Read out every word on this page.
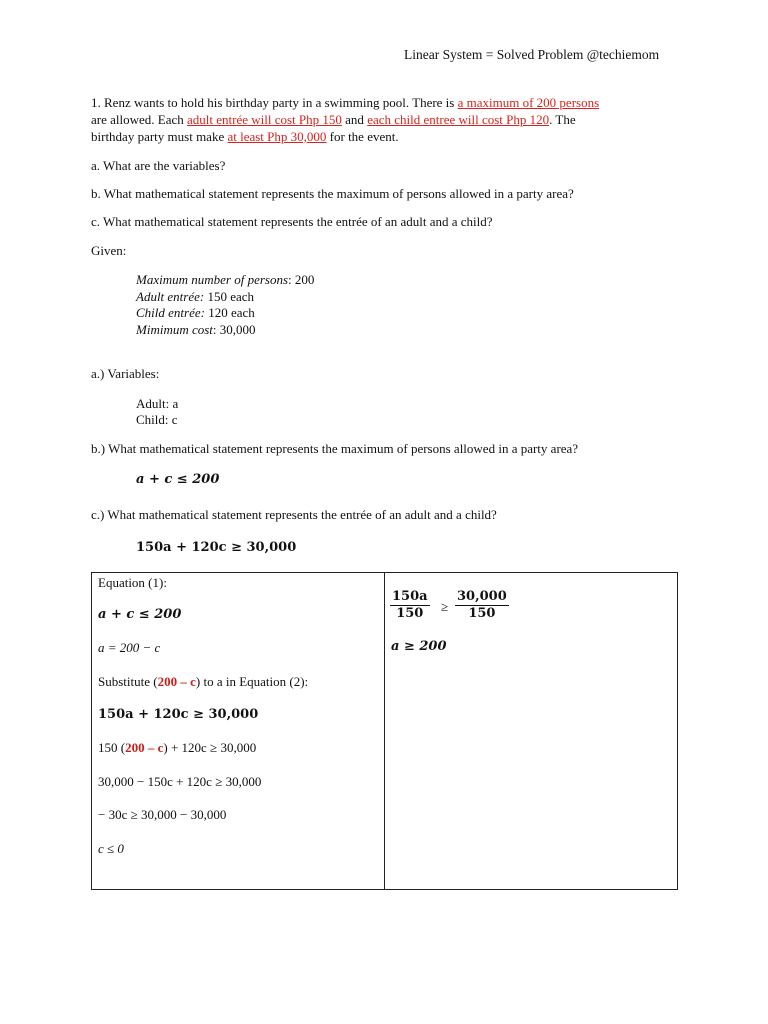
Linear System = Solved Problem @techiemom
1. Renz wants to hold his birthday party in a swimming pool. There is a maximum of 200 persons
are allowed. Each adult entrée will cost Php 150 and each child entree will cost Php 120. The
birthday party must make at least Php 30,000 for the event.
a. What are the variables?
b. What mathematical statement represents the maximum of persons allowed in a party area?
c. What mathematical statement represents the entrée of an adult and a child?
Given:
Maximum number of persons: 200
Adult entrée: 150 each
Child entrée: 120 each
Mimimum cost: 30,000
a.) Variables:
Adult: a
Child: c
b.) What mathematical statement represents the maximum of persons allowed in a party area?
a + c ≤ 200
c.) What mathematical statement represents the entrée of an adult and a child?
150a + 120c ≥ 30,000
Equation (1):
a + c ≤ 200
a = 200 − c
Substitute (200 – c) to a in Equation (2):
150a + 120c ≥ 30,000
150 (200 – c) + 120c ≥ 30,000
30,000 − 150c + 120c ≥ 30,000
− 30c ≥ 30,000 − 30,000
c ≤ 0
$\frac{150a}{150} \ge \frac{30,000}{150}$
a ≥ 200
